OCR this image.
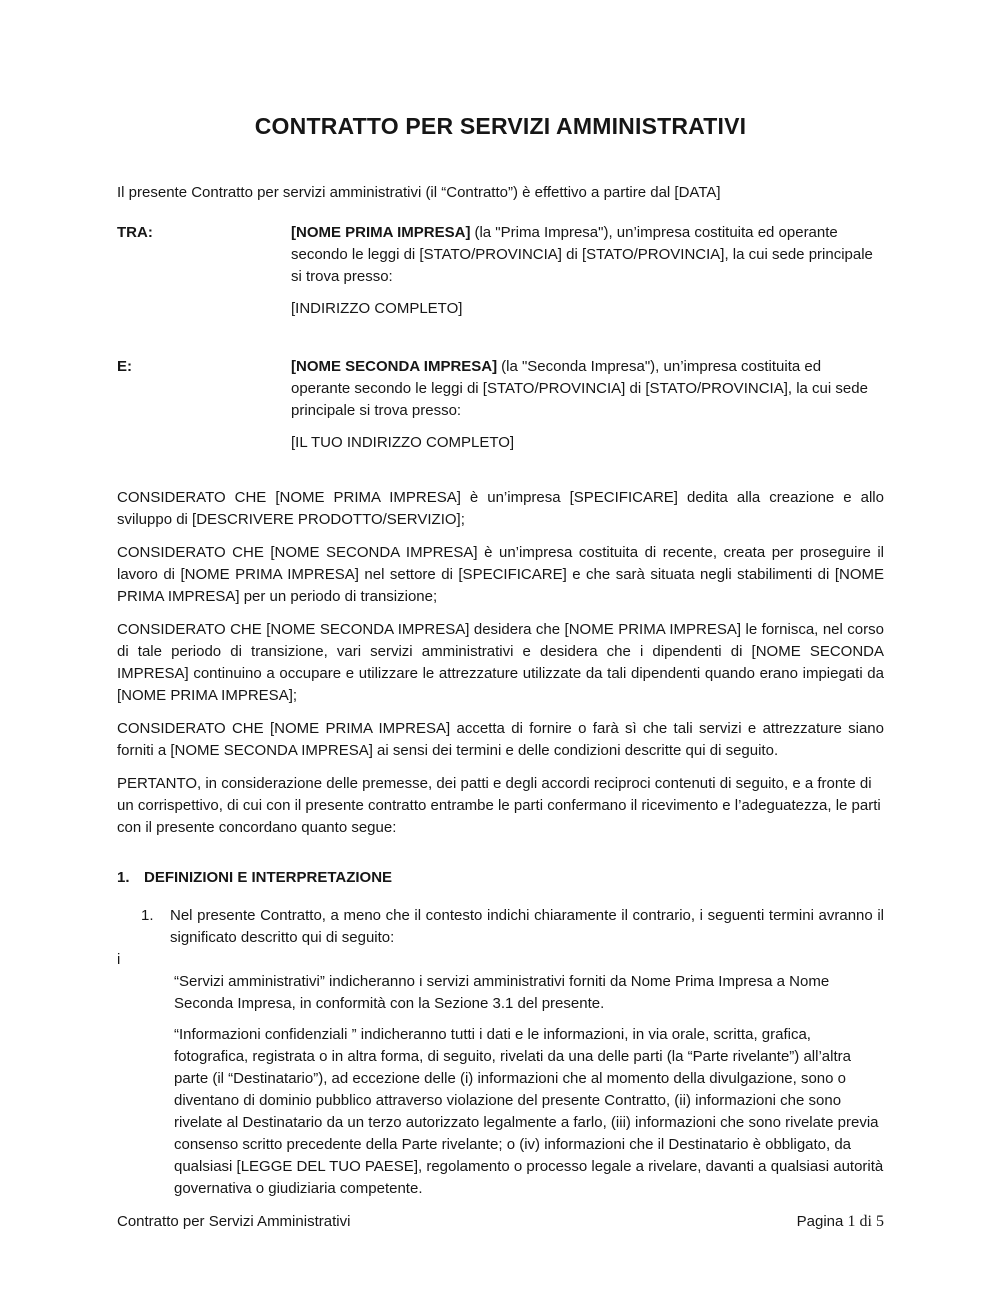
CONTRATTO PER SERVIZI AMMINISTRATIVI

Il presente Contratto per servizi amministrativi (il “Contratto”) è effettivo a partire dal [DATA]

TRA:	[NOME PRIMA IMPRESA] (la "Prima Impresa"), un’impresa costituita ed operante secondo le leggi di [STATO/PROVINCIA] di [STATO/PROVINCIA], la cui sede principale si trova presso:

[INDIRIZZO COMPLETO]

E:	[NOME SECONDA IMPRESA] (la "Seconda Impresa"), un’impresa costituita ed operante secondo le leggi di [STATO/PROVINCIA] di [STATO/PROVINCIA], la cui sede principale si trova presso:

[IL TUO INDIRIZZO COMPLETO]

CONSIDERATO CHE [NOME PRIMA IMPRESA] è un’impresa [SPECIFICARE] dedita alla creazione e allo sviluppo di [DESCRIVERE PRODOTTO/SERVIZIO];

CONSIDERATO CHE [NOME SECONDA IMPRESA] è un’impresa costituita di recente, creata per proseguire il lavoro di [NOME PRIMA IMPRESA] nel settore di [SPECIFICARE] e che sarà situata negli stabilimenti di [NOME PRIMA IMPRESA] per un periodo di transizione;

CONSIDERATO CHE [NOME SECONDA IMPRESA] desidera che [NOME PRIMA IMPRESA] le fornisca, nel corso di tale periodo di transizione, vari servizi amministrativi e desidera che i dipendenti di [NOME SECONDA IMPRESA] continuino a occupare e utilizzare le attrezzature utilizzate da tali dipendenti quando erano impiegati da [NOME PRIMA IMPRESA];

CONSIDERATO CHE [NOME PRIMA IMPRESA] accetta di fornire o farà sì che tali servizi e attrezzature siano forniti a [NOME SECONDA IMPRESA] ai sensi dei termini e delle condizioni descritte qui di seguito.

PERTANTO, in considerazione delle premesse, dei patti e degli accordi reciproci contenuti di seguito, e a fronte di un corrispettivo, di cui con il presente contratto entrambe le parti confermano il ricevimento e l’adeguatezza, le parti con il presente concordano quanto segue:

1. DEFINIZIONI E INTERPRETAZIONE
1.	Nel presente Contratto, a meno che il contesto indichi chiaramente il contrario, i seguenti termini avranno il significato descritto qui di seguito:
i

“Servizi amministrativi” indicheranno i servizi amministrativi forniti da Nome Prima Impresa a Nome Seconda Impresa, in conformità con la Sezione 3.1 del presente.

“Informazioni confidenziali ” indicheranno tutti i dati e le informazioni, in via orale, scritta, grafica, fotografica, registrata o in altra forma, di seguito, rivelati da una delle parti (la “Parte rivelante”) all’altra parte (il “Destinatario”), ad eccezione delle (i) informazioni che al momento della divulgazione, sono o diventano di dominio pubblico attraverso violazione del presente Contratto, (ii) informazioni che sono rivelate al Destinatario da un terzo autorizzato legalmente a farlo, (iii) informazioni che sono rivelate previa consenso scritto precedente della Parte rivelante; o (iv) informazioni che il Destinatario è obbligato, da qualsiasi [LEGGE DEL TUO PAESE], regolamento o processo legale a rivelare, davanti a qualsiasi autorità governativa o giudiziaria competente.

Contratto per Servizi Amministrativi	Pagina 1 di 5
